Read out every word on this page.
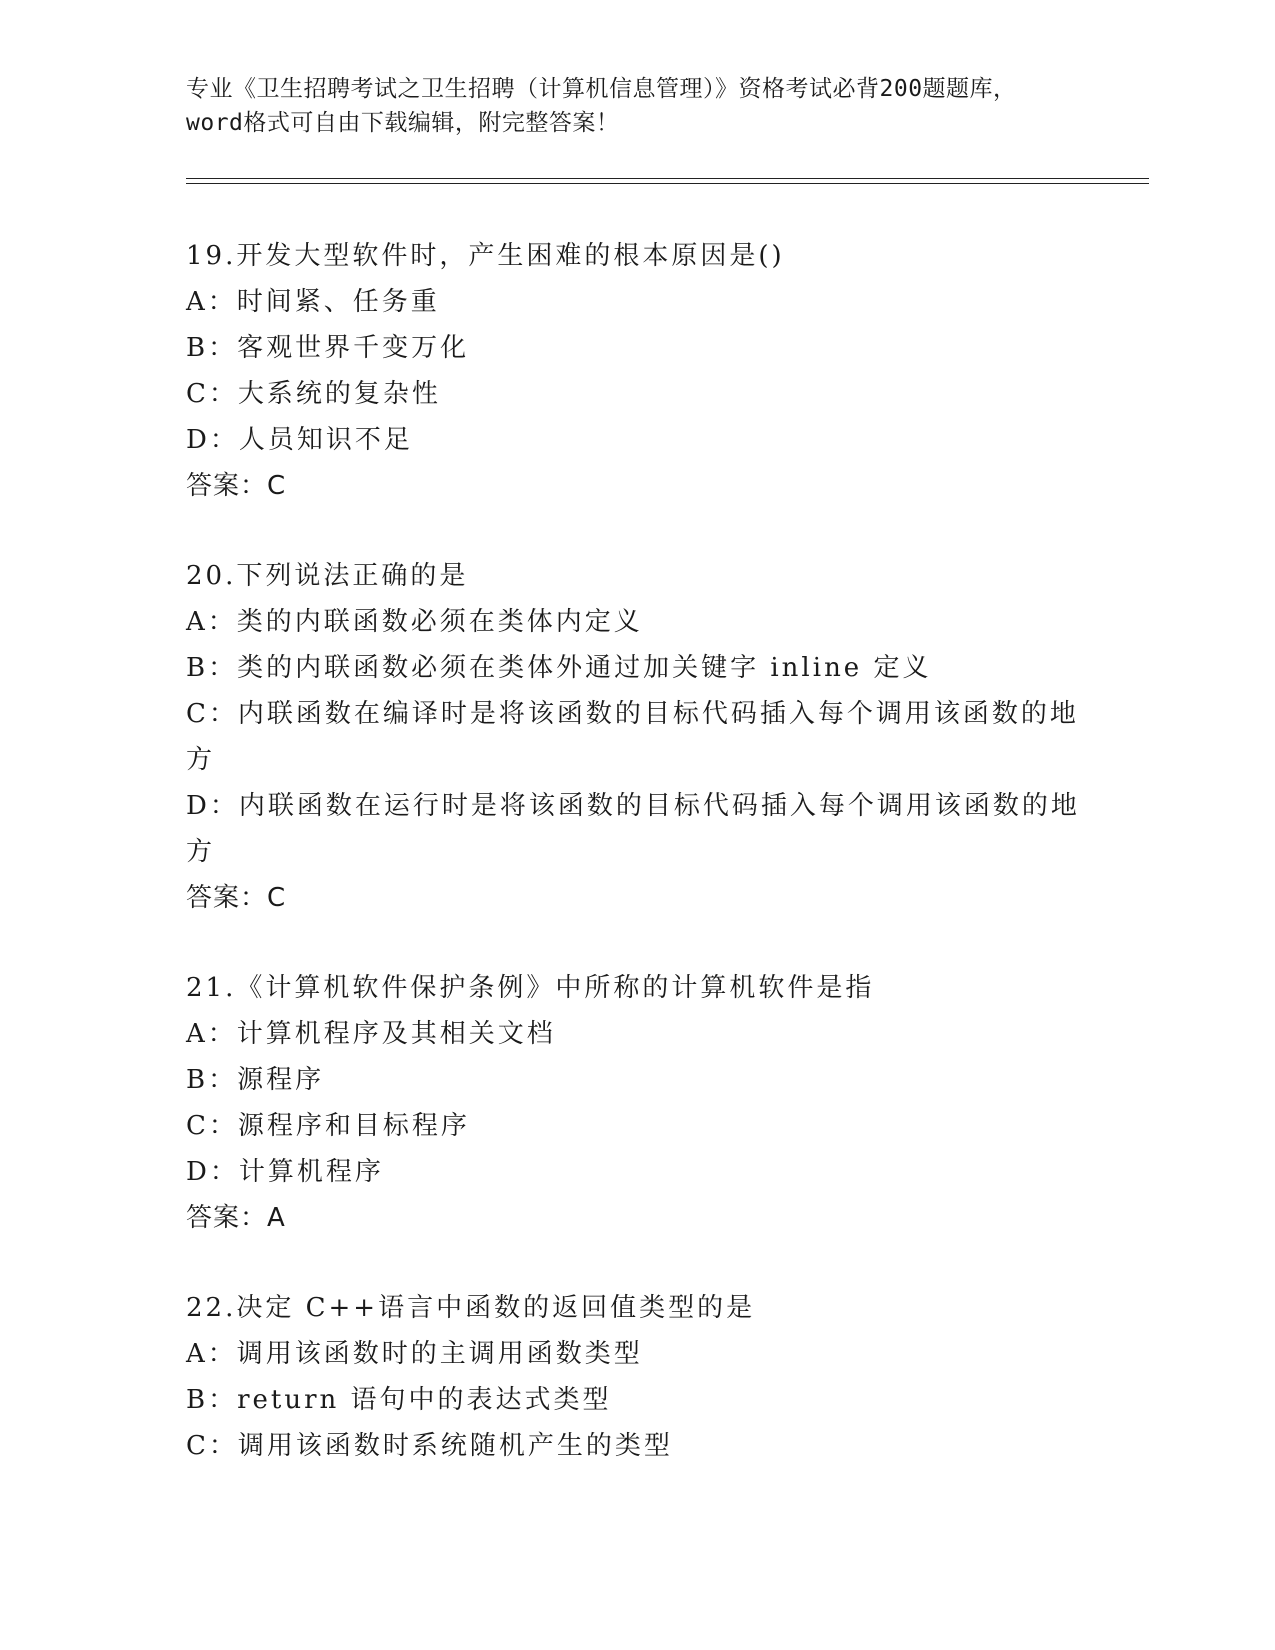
专业《卫生招聘考试之卫生招聘（计算机信息管理）》资格考试必背200题题库，
word格式可自由下载编辑，附完整答案！
19.开发大型软件时，产生困难的根本原因是()
A：时间紧、任务重
B：客观世界千变万化
C：大系统的复杂性
D：人员知识不足
答案：C
20.下列说法正确的是
A：类的内联函数必须在类体内定义
B：类的内联函数必须在类体外通过加关键字 inline 定义
C：内联函数在编译时是将该函数的目标代码插入每个调用该函数的地方
D：内联函数在运行时是将该函数的目标代码插入每个调用该函数的地方
答案：C
21.《计算机软件保护条例》中所称的计算机软件是指
A：计算机程序及其相关文档
B：源程序
C：源程序和目标程序
D：计算机程序
答案：A
22.决定 C++语言中函数的返回值类型的是
A：调用该函数时的主调用函数类型
B：return 语句中的表达式类型
C：调用该函数时系统随机产生的类型
